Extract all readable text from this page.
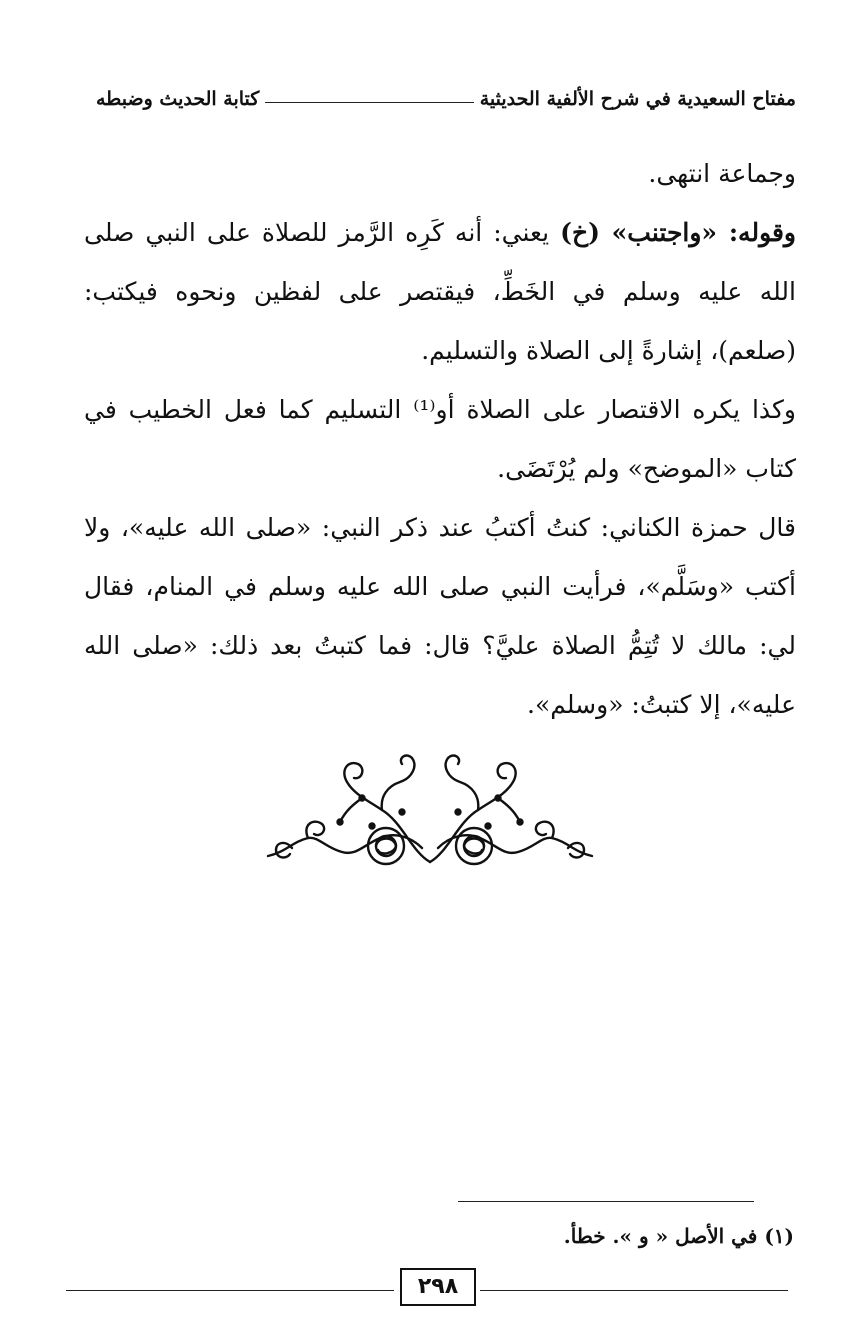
مفتاح السعيدية في شرح الألفية الحديثية
كتابة الحديث وضبطه

وجماعة انتهى.

وقوله: «واجتنب» (خ) يعني: أنه كَرِه الرَّمز للصلاة على النبي صلى الله عليه وسلم في الخَطِّ، فيقتصر على لفظين ونحوه فيكتب: (صلعم)، إشارةً إلى الصلاة والتسليم.

وكذا يكره الاقتصار على الصلاة أو⁽¹⁾ التسليم كما فعل الخطيب في كتاب «الموضح» ولم يُرْتَضَى.

قال حمزة الكناني: كنتُ أكتبُ عند ذكر النبي: «صلى الله عليه»، ولا أكتب «وسَلَّم»، فرأيت النبي صلى الله عليه وسلم في المنام، فقال لي: مالك لا تُتِمُّ الصلاة عليَّ؟ قال: فما كتبتُ بعد ذلك: «صلى الله عليه»، إلا كتبتُ: «وسلم».

(١) في الأصل « و ». خطأ.
٢٩٨
